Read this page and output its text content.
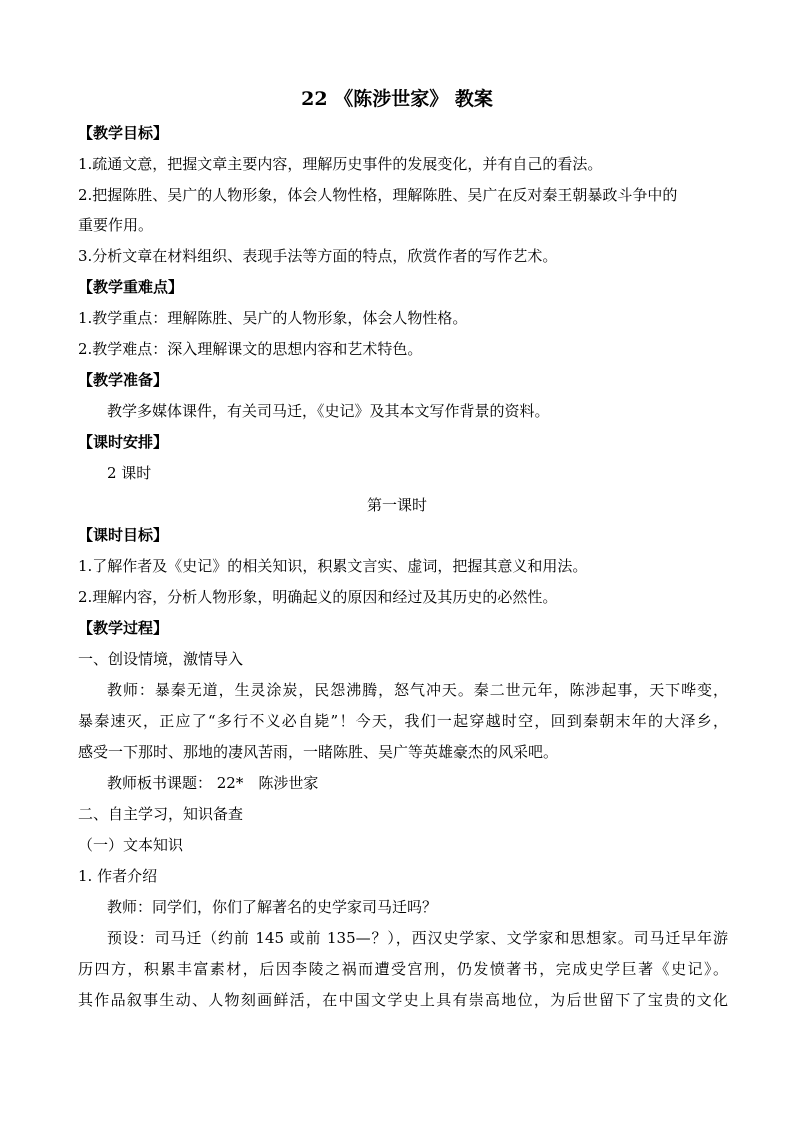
22 《陈涉世家》 教案
【教学目标】
1.疏通文意，把握文章主要内容，理解历史事件的发展变化，并有自己的看法。
2.把握陈胜、吴广的人物形象，体会人物性格，理解陈胜、吴广在反对秦王朝暴政斗争中的
重要作用。
3.分析文章在材料组织、表现手法等方面的特点，欣赏作者的写作艺术。
【教学重难点】
1.教学重点：理解陈胜、吴广的人物形象，体会人物性格。
2.教学难点：深入理解课文的思想内容和艺术特色。
【教学准备】
教学多媒体课件，有关司马迁，《史记》及其本文写作背景的资料。
【课时安排】
2 课时
第一课时
【课时目标】
1.了解作者及《史记》的相关知识，积累文言实、虚词，把握其意义和用法。
2.理解内容，分析人物形象，明确起义的原因和经过及其历史的必然性。
【教学过程】
一、创设情境，激情导入
教师：暴秦无道，生灵涂炭，民怨沸腾，怒气冲天。秦二世元年，陈涉起事，天下哗变，
暴秦速灭，正应了“多行不义必自毙”！今天，我们一起穿越时空，回到秦朝末年的大泽乡，
感受一下那时、那地的凄风苦雨，一睹陈胜、吴广等英雄豪杰的风采吧。
教师板书课题： 22*　陈涉世家
二、自主学习，知识备查
（一）文本知识
1. 作者介绍
教师：同学们，你们了解著名的史学家司马迁吗？
预设：司马迁（约前 145 或前 135—？），西汉史学家、文学家和思想家。司马迁早年游
历四方，积累丰富素材，后因李陵之祸而遭受宫刑，仍发愤著书，完成史学巨著《史记》。
其作品叙事生动、人物刻画鲜活，在中国文学史上具有崇高地位，为后世留下了宝贵的文化
